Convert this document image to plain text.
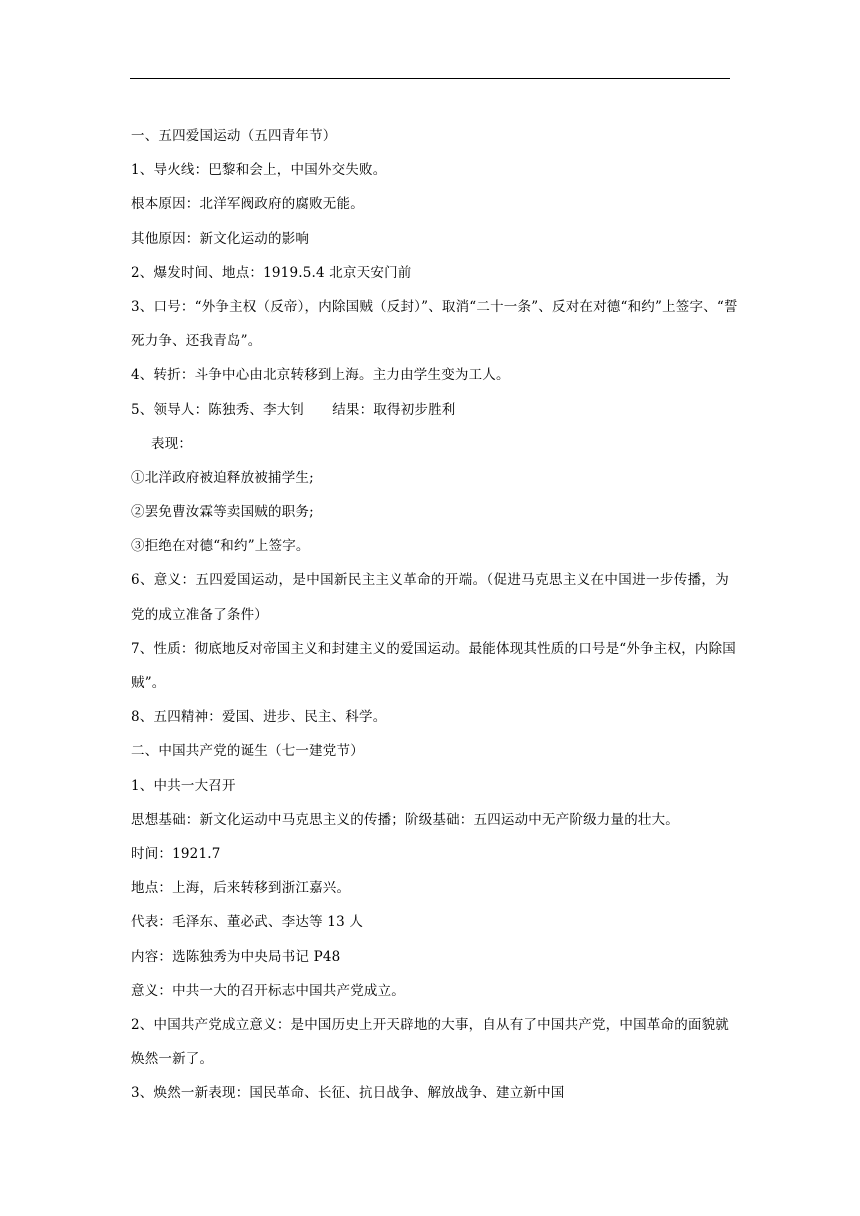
一、五四爱国运动（五四青年节）
1、导火线：巴黎和会上，中国外交失败。
根本原因：北洋军阀政府的腐败无能。
其他原因：新文化运动的影响
2、爆发时间、地点：1919.5.4 北京天安门前
3、口号：“外争主权（反帝），内除国贼（反封）”、取消“二十一条”、反对在对德“和约”上签字、“誓
死力争、还我青岛”。
4、转折：斗争中心由北京转移到上海。主力由学生变为工人。
5、领导人：陈独秀、李大钊 结果：取得初步胜利
表现：
①北洋政府被迫释放被捕学生;
②罢免曹汝霖等卖国贼的职务;
③拒绝在对德“和约”上签字。
6、意义：五四爱国运动，是中国新民主主义革命的开端。（促进马克思主义在中国进一步传播，为
党的成立准备了条件）
7、性质：彻底地反对帝国主义和封建主义的爱国运动。最能体现其性质的口号是“外争主权，内除国
贼”。
8、五四精神：爱国、进步、民主、科学。
二、中国共产党的诞生（七一建党节）
1、中共一大召开
思想基础：新文化运动中马克思主义的传播；阶级基础：五四运动中无产阶级力量的壮大。
时间：1921.7
地点：上海，后来转移到浙江嘉兴。
代表：毛泽东、董必武、李达等 13 人
内容：选陈独秀为中央局书记 P48
意义：中共一大的召开标志中国共产党成立。
2、中国共产党成立意义：是中国历史上开天辟地的大事，自从有了中国共产党，中国革命的面貌就
焕然一新了。
3、焕然一新表现：国民革命、长征、抗日战争、解放战争、建立新中国
